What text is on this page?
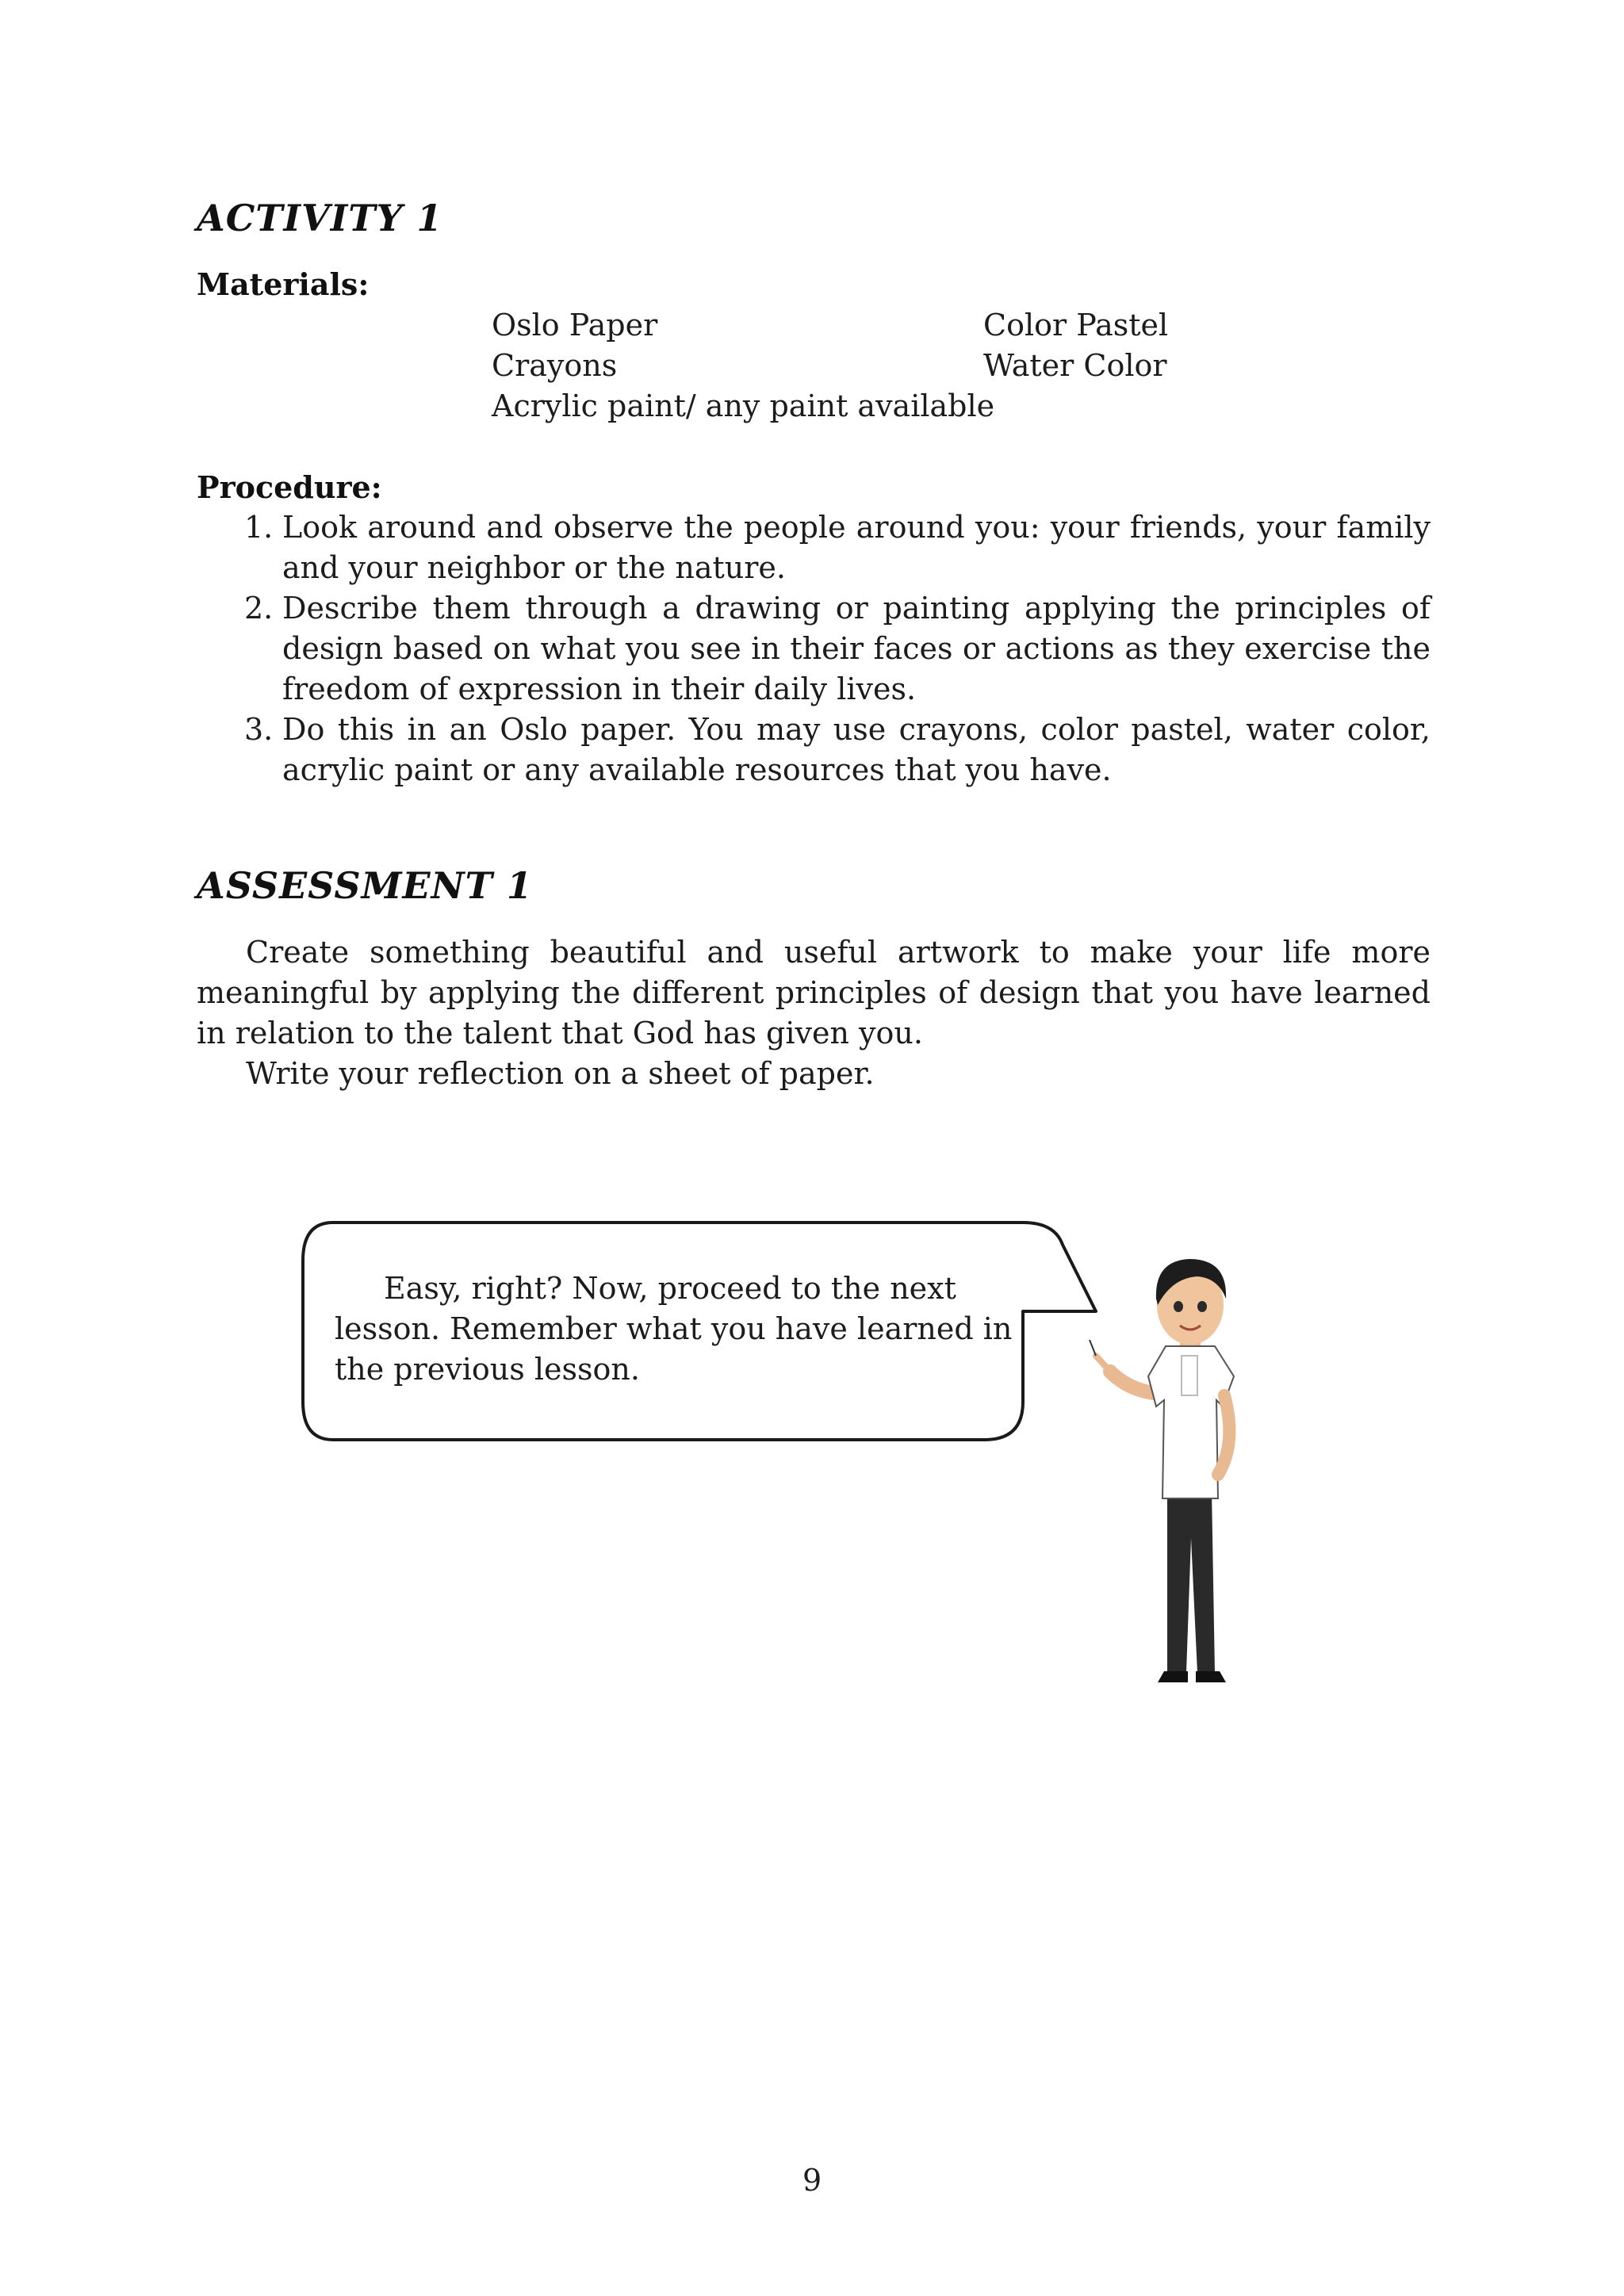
ACTIVITY 1

Materials:

Oslo Paper	Color Pastel
Crayons	Water Color
Acrylic paint/ any paint available

Procedure:

1. Look around and observe the people around you: your friends, your family and your neighbor or the nature.
2. Describe them through a drawing or painting applying the principles of design based on what you see in their faces or actions as they exercise the freedom of expression in their daily lives.
3. Do this in an Oslo paper. You may use crayons, color pastel, water color, acrylic paint or any available resources that you have.
ASSESSMENT 1

Create something beautiful and useful artwork to make your life more meaningful by applying the different principles of design that you have learned in relation to the talent that God has given you.

Write your reflection on a sheet of paper.

Easy, right? Now, proceed to the next
lesson. Remember what you have learned in
the previous lesson.
9
